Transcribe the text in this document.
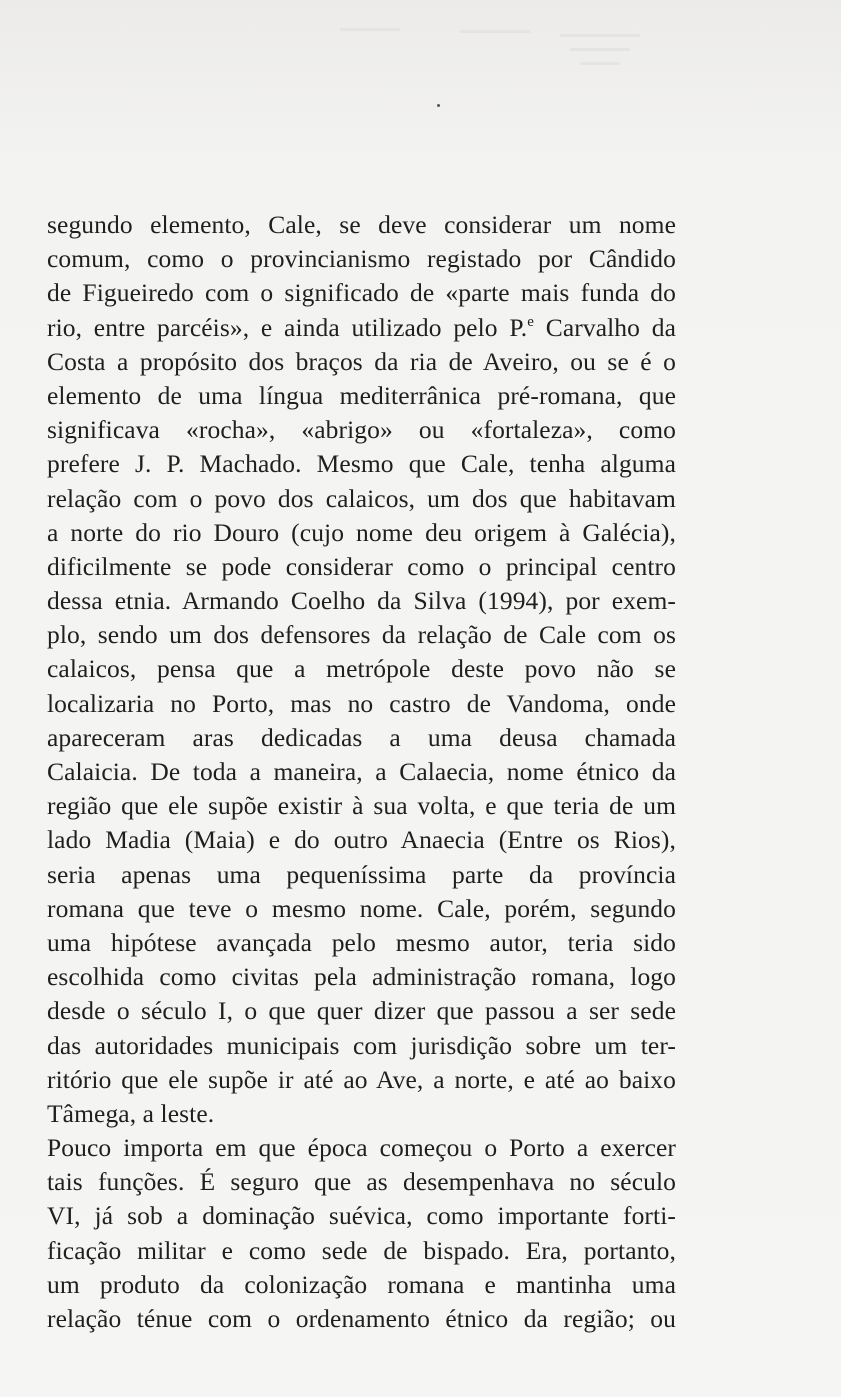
segundo elemento, Cale, se deve considerar um nome
comum, como o provincianismo registado por Cândido
de Figueiredo com o significado de «parte mais funda do
rio, entre parcéis», e ainda utilizado pelo P.$^e$ Carvalho da
Costa a propósito dos braços da ria de Aveiro, ou se é o
elemento de uma língua mediterrânica pré-romana, que
significava «rocha», «abrigo» ou «fortaleza», como
prefere J. P. Machado. Mesmo que Cale, tenha alguma
relação com o povo dos calaicos, um dos que habitavam
a norte do rio Douro (cujo nome deu origem à Galécia),
dificilmente se pode considerar como o principal centro
dessa etnia. Armando Coelho da Silva (1994), por exem-
plo, sendo um dos defensores da relação de Cale com os
calaicos, pensa que a metrópole deste povo não se
localizaria no Porto, mas no castro de Vandoma, onde
apareceram aras dedicadas a uma deusa chamada
Calaicia. De toda a maneira, a Calaecia, nome étnico da
região que ele supõe existir à sua volta, e que teria de um
lado Madia (Maia) e do outro Anaecia (Entre os Rios),
seria apenas uma pequeníssima parte da província
romana que teve o mesmo nome. Cale, porém, segundo
uma hipótese avançada pelo mesmo autor, teria sido
escolhida como civitas pela administração romana, logo
desde o século I, o que quer dizer que passou a ser sede
das autoridades municipais com jurisdição sobre um ter-
ritório que ele supõe ir até ao Ave, a norte, e até ao baixo
Tâmega, a leste.
Pouco importa em que época começou o Porto a exercer
tais funções. É seguro que as desempenhava no século
VI, já sob a dominação suévica, como importante forti-
ficação militar e como sede de bispado. Era, portanto,
um produto da colonização romana e mantinha uma
relação ténue com o ordenamento étnico da região; ou
